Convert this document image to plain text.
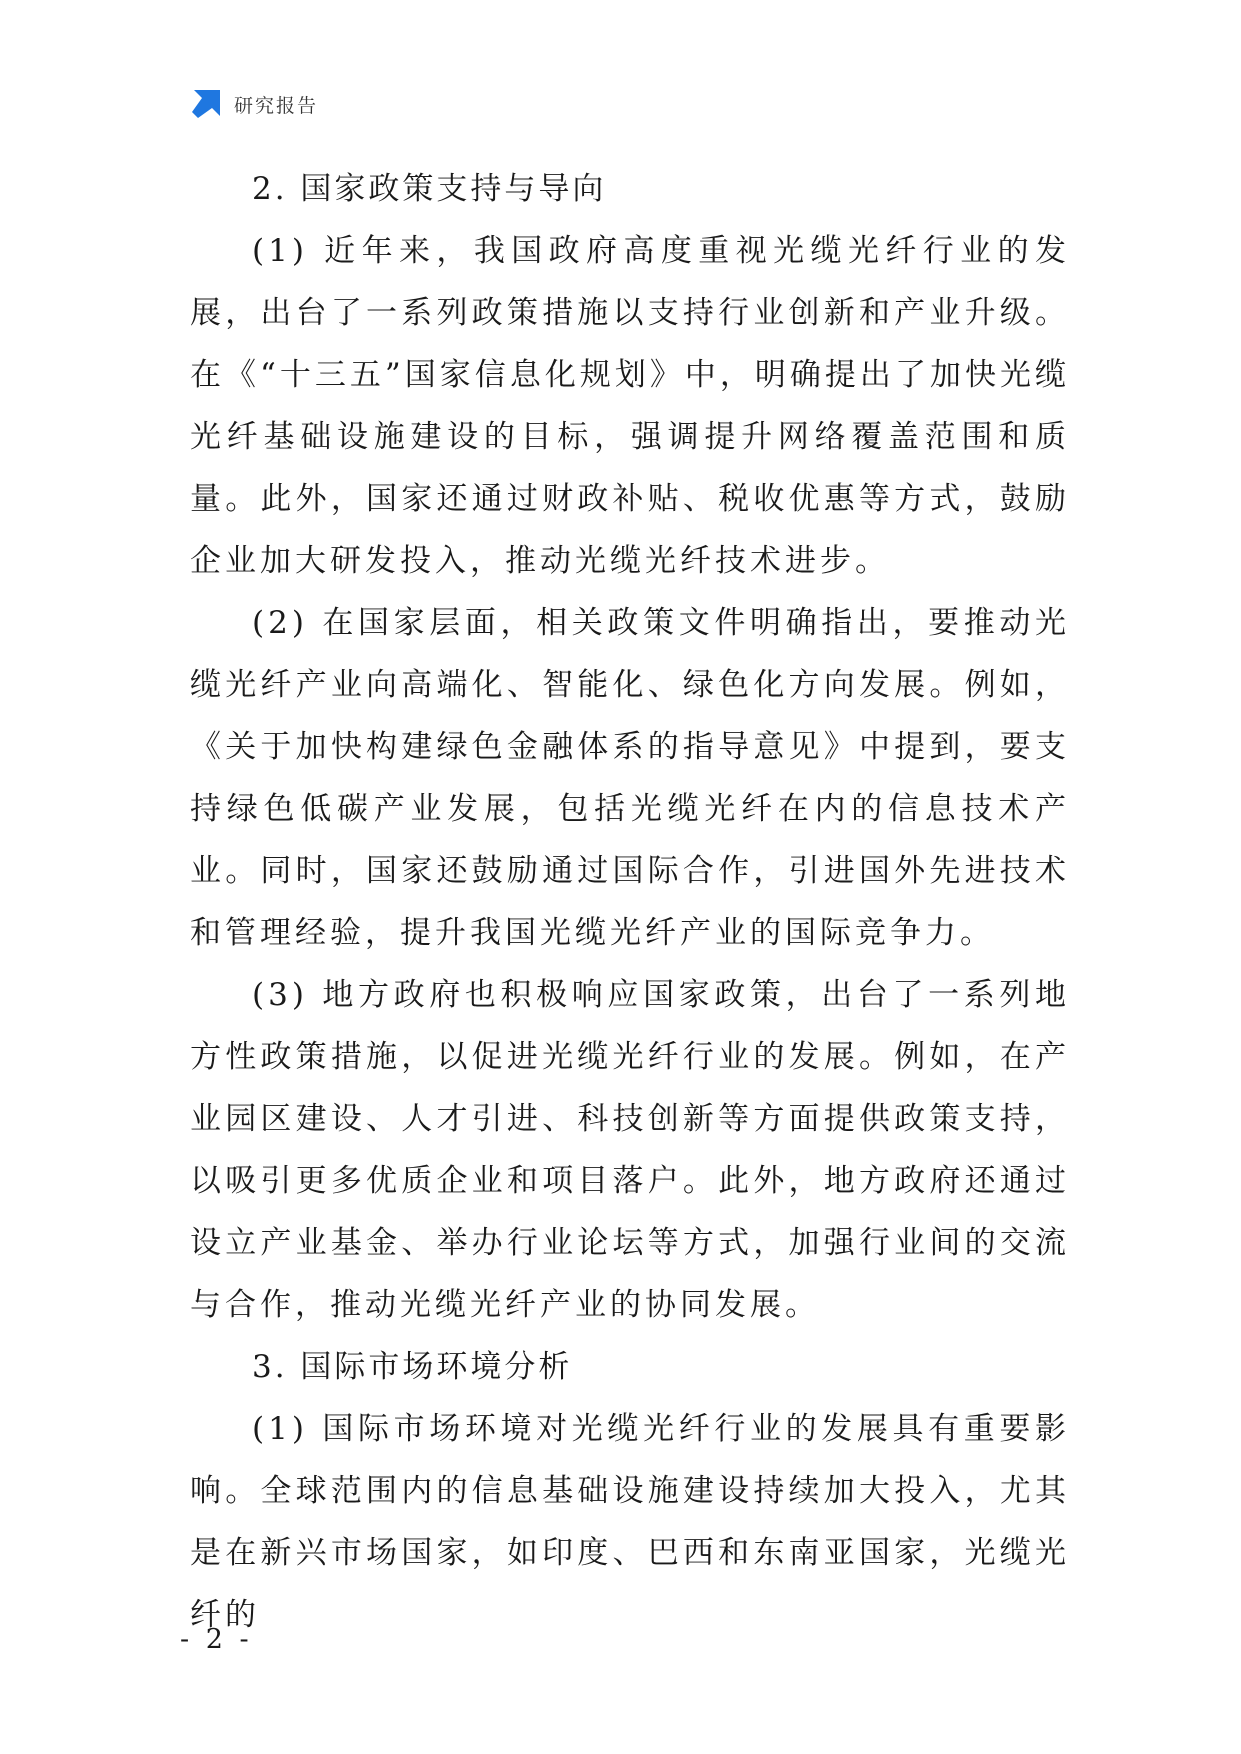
研究报告

2. 国家政策支持与导向

(1) 近年来，我国政府高度重视光缆光纤行业的发展，出台了一系列政策措施以支持行业创新和产业升级。在《“十三五”国家信息化规划》中，明确提出了加快光缆光纤基础设施建设的目标，强调提升网络覆盖范围和质量。此外，国家还通过财政补贴、税收优惠等方式，鼓励企业加大研发投入，推动光缆光纤技术进步。

(2) 在国家层面，相关政策文件明确指出，要推动光缆光纤产业向高端化、智能化、绿色化方向发展。例如，《关于加快构建绿色金融体系的指导意见》中提到，要支持绿色低碳产业发展，包括光缆光纤在内的信息技术产业。同时，国家还鼓励通过国际合作，引进国外先进技术和管理经验，提升我国光缆光纤产业的国际竞争力。

(3) 地方政府也积极响应国家政策，出台了一系列地方性政策措施，以促进光缆光纤行业的发展。例如，在产业园区建设、人才引进、科技创新等方面提供政策支持，以吸引更多优质企业和项目落户。此外，地方政府还通过设立产业基金、举办行业论坛等方式，加强行业间的交流与合作，推动光缆光纤产业的协同发展。

3. 国际市场环境分析

(1) 国际市场环境对光缆光纤行业的发展具有重要影响。全球范围内的信息基础设施建设持续加大投入，尤其是在新兴市场国家，如印度、巴西和东南亚国家，光缆光纤的

- 2 -
